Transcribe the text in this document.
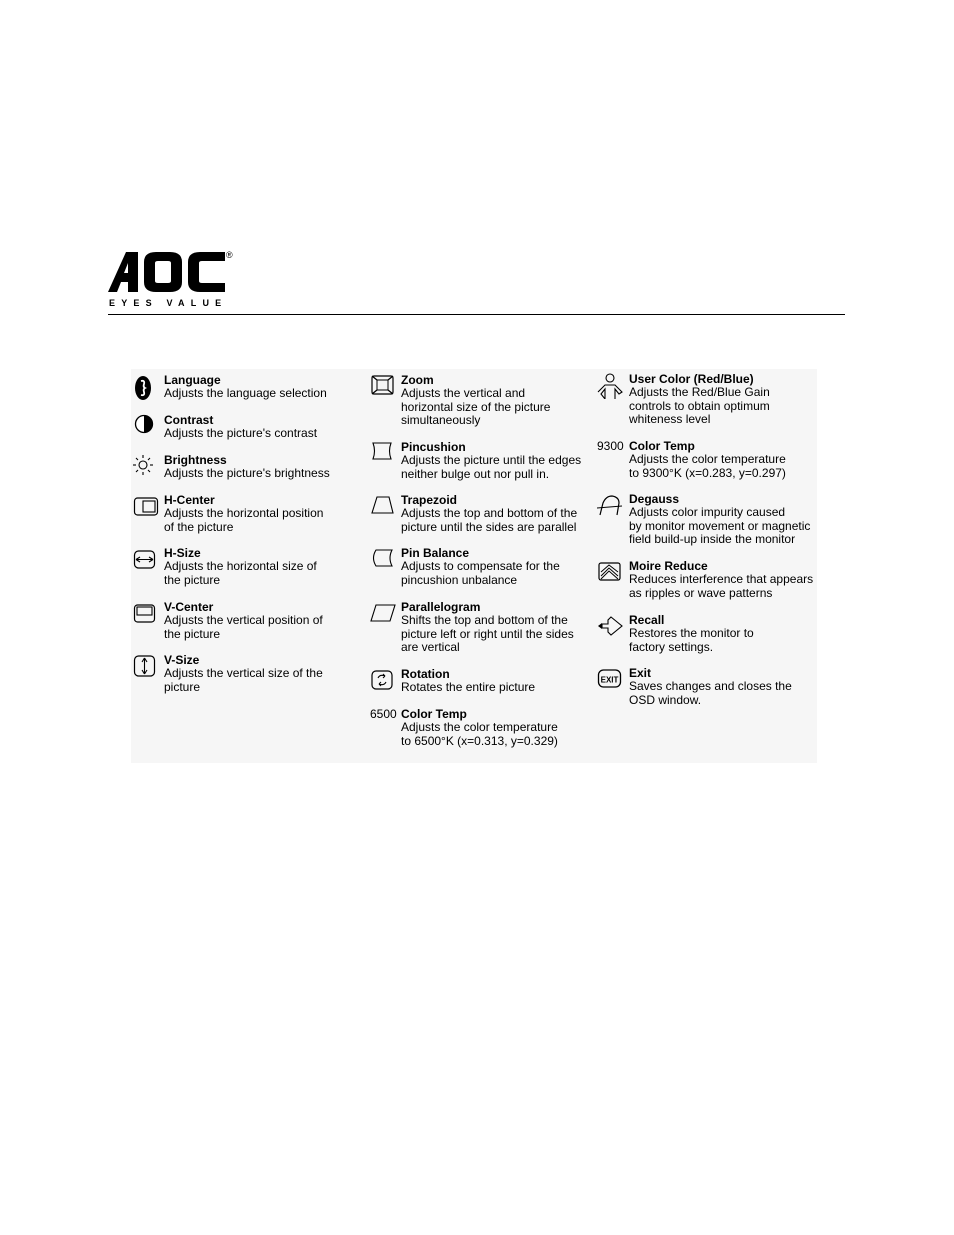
®
EYES VALUE
Language
Adjusts the language selection
Contrast
Adjusts the picture's contrast
Brightness
Adjusts the picture's brightness
H-Center
Adjusts the horizontal position
of the picture
H-Size
Adjusts the horizontal size of
the picture
V-Center
Adjusts the vertical position of
the picture
V-Size
Adjusts the vertical size of the
picture
Zoom
Adjusts the vertical and
horizontal size of the picture
simultaneously
Pincushion
Adjusts the picture until the edges
neither bulge out nor pull in.
Trapezoid
Adjusts the top and bottom of the
picture until the sides are parallel
Pin Balance
Adjusts to compensate for the
pincushion unbalance
Parallelogram
Shifts the top and bottom of the
picture left or right until the sides
are vertical
Rotation
Rotates the entire picture
6500 Color Temp
Adjusts the color temperature
to 6500°K (x=0.313, y=0.329)
User Color (Red/Blue)
Adjusts the Red/Blue Gain
controls to obtain optimum
whiteness level
9300 Color Temp
Adjusts the color temperature
to 9300°K (x=0.283, y=0.297)
Degauss
Adjusts color impurity caused
by monitor movement or magnetic
field build-up inside the monitor
Moire Reduce
Reduces interference that appears
as ripples or wave patterns
Recall
Restores the monitor to
factory settings.
EXIT Exit
Saves changes and closes the
OSD window.
